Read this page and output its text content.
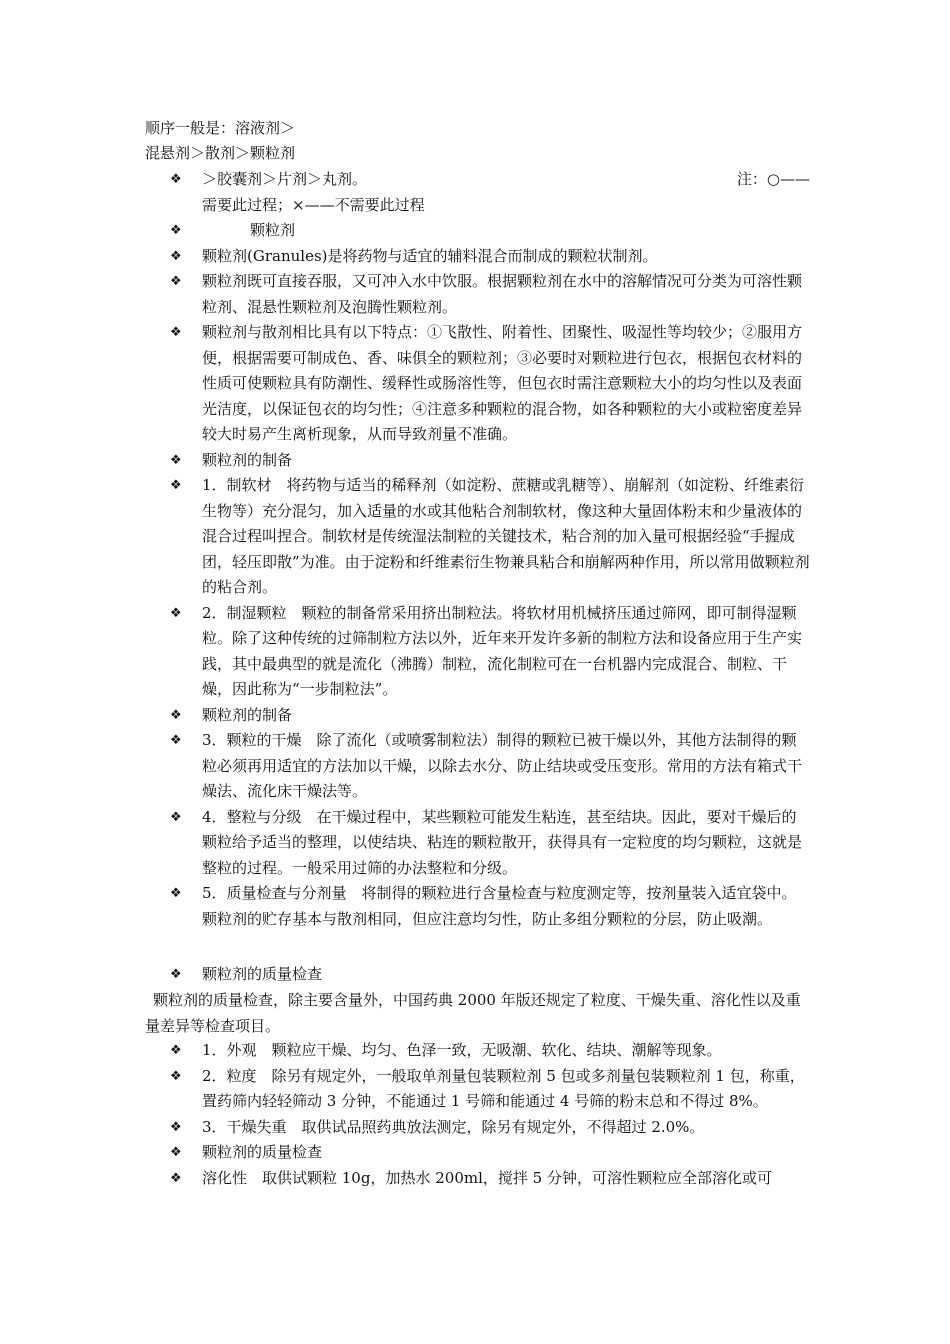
顺序一般是：溶液剂＞
混悬剂＞散剂＞颗粒剂
❖	注：○——
＞胶囊剂＞片剂＞丸剂。
需要此过程；×——不需要此过程
❖	颗粒剂
❖ 颗粒剂(Granules)是将药物与适宜的辅料混合而制成的颗粒状制剂。
❖ 颗粒剂既可直接吞服，又可冲入水中饮服。根据颗粒剂在水中的溶解情况可分类为可溶性颗粒剂、混悬性颗粒剂及泡腾性颗粒剂。
❖ 颗粒剂与散剂相比具有以下特点：①飞散性、附着性、团聚性、吸湿性等均较少；②服用方便，根据需要可制成色、香、味俱全的颗粒剂；③必要时对颗粒进行包衣，根据包衣材料的性质可使颗粒具有防潮性、缓释性或肠溶性等，但包衣时需注意颗粒大小的均匀性以及表面光洁度，以保证包衣的均匀性；④注意多种颗粒的混合物，如各种颗粒的大小或粒密度差异较大时易产生离析现象，从而导致剂量不准确。
❖ 颗粒剂的制备
❖ 1．制软材　将药物与适当的稀释剂（如淀粉、蔗糖或乳糖等）、崩解剂（如淀粉、纤维素衍生物等）充分混匀，加入适量的水或其他粘合剂制软材，像这种大量固体粉末和少量液体的混合过程叫捏合。制软材是传统湿法制粒的关键技术，粘合剂的加入量可根据经验“手握成团，轻压即散”为准。由于淀粉和纤维素衍生物兼具粘合和崩解两种作用，所以常用做颗粒剂的粘合剂。
❖ 2．制湿颗粒　颗粒的制备常采用挤出制粒法。将软材用机械挤压通过筛网，即可制得湿颗粒。除了这种传统的过筛制粒方法以外，近年来开发许多新的制粒方法和设备应用于生产实践，其中最典型的就是流化（沸腾）制粒，流化制粒可在一台机器内完成混合、制粒、干燥，因此称为“一步制粒法”。
❖ 颗粒剂的制备
❖ 3．颗粒的干燥　除了流化（或喷雾制粒法）制得的颗粒已被干燥以外，其他方法制得的颗粒必须再用适宜的方法加以干燥，以除去水分、防止结块或受压变形。常用的方法有箱式干燥法、流化床干燥法等。
❖ 4．整粒与分级　在干燥过程中，某些颗粒可能发生粘连，甚至结块。因此，要对干燥后的颗粒给予适当的整理，以使结块、粘连的颗粒散开，获得具有一定粒度的均匀颗粒，这就是整粒的过程。一般采用过筛的办法整粒和分级。
❖ 5．质量检查与分剂量　将制得的颗粒进行含量检查与粒度测定等，按剂量装入适宜袋中。颗粒剂的贮存基本与散剂相同，但应注意均匀性，防止多组分颗粒的分层，防止吸潮。
❖ 颗粒剂的质量检查
颗粒剂的质量检查，除主要含量外，中国药典 2000 年版还规定了粒度、干燥失重、溶化性以及重量差异等检查项目。
❖ 1．外观　颗粒应干燥、均匀、色泽一致，无吸潮、软化、结块、潮解等现象。
❖ 2．粒度　除另有规定外，一般取单剂量包装颗粒剂 5 包或多剂量包装颗粒剂 1 包，称重，置药筛内轻轻筛动 3 分钟，不能通过 1 号筛和能通过 4 号筛的粉末总和不得过 8%。
❖ 3．干燥失重　取供试品照药典放法测定，除另有规定外，不得超过 2.0%。
❖ 颗粒剂的质量检查
❖ 溶化性　取供试颗粒 10g，加热水 200ml，搅拌 5 分钟，可溶性颗粒应全部溶化或可
